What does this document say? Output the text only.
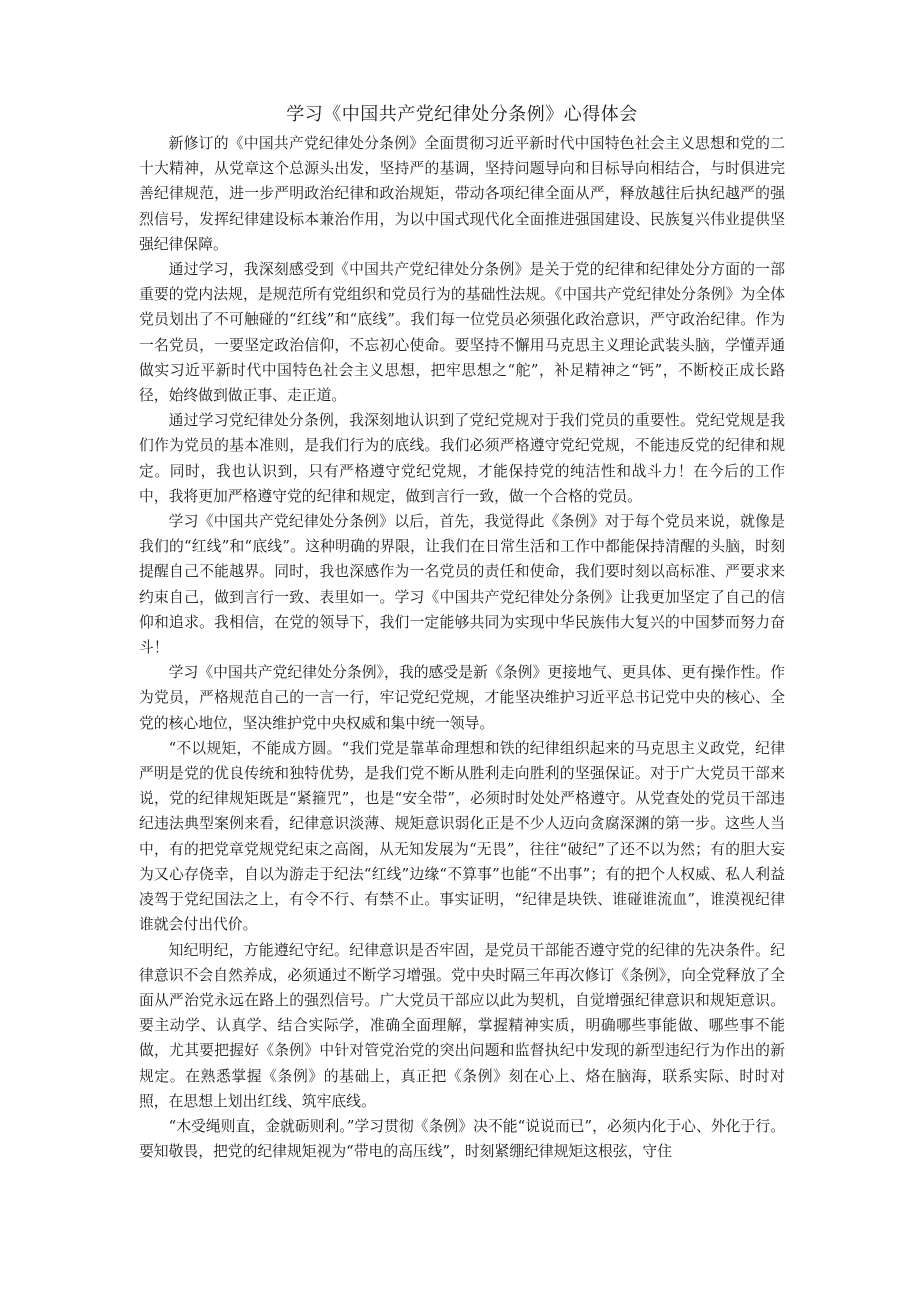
学习《中国共产党纪律处分条例》心得体会

新修订的《中国共产党纪律处分条例》全面贯彻习近平新时代中国特色社会主义思想和党的二十大精神，从党章这个总源头出发，坚持严的基调，坚持问题导向和目标导向相结合，与时俱进完善纪律规范，进一步严明政治纪律和政治规矩，带动各项纪律全面从严，释放越往后执纪越严的强烈信号，发挥纪律建设标本兼治作用，为以中国式现代化全面推进强国建设、民族复兴伟业提供坚强纪律保障。

通过学习，我深刻感受到《中国共产党纪律处分条例》是关于党的纪律和纪律处分方面的一部重要的党内法规，是规范所有党组织和党员行为的基础性法规。《中国共产党纪律处分条例》为全体党员划出了不可触碰的“红线”和“底线”。我们每一位党员必须强化政治意识，严守政治纪律。作为一名党员，一要坚定政治信仰，不忘初心使命。要坚持不懈用马克思主义理论武装头脑，学懂弄通做实习近平新时代中国特色社会主义思想，把牢思想之“舵”，补足精神之“钙”，不断校正成长路径，始终做到做正事、走正道。

通过学习党纪律处分条例，我深刻地认识到了党纪党规对于我们党员的重要性。党纪党规是我们作为党员的基本准则，是我们行为的底线。我们必须严格遵守党纪党规，不能违反党的纪律和规定。同时，我也认识到，只有严格遵守党纪党规，才能保持党的纯洁性和战斗力！在今后的工作中，我将更加严格遵守党的纪律和规定，做到言行一致，做一个合格的党员。

学习《中国共产党纪律处分条例》以后，首先，我觉得此《条例》对于每个党员来说，就像是我们的“红线”和“底线”。这种明确的界限，让我们在日常生活和工作中都能保持清醒的头脑，时刻提醒自己不能越界。同时，我也深感作为一名党员的责任和使命，我们要时刻以高标准、严要求来约束自己，做到言行一致、表里如一。学习《中国共产党纪律处分条例》让我更加坚定了自己的信仰和追求。我相信，在党的领导下，我们一定能够共同为实现中华民族伟大复兴的中国梦而努力奋斗！

学习《中国共产党纪律处分条例》，我的感受是新《条例》更接地气、更具体、更有操作性。作为党员，严格规范自己的一言一行，牢记党纪党规，才能坚决维护习近平总书记党中央的核心、全党的核心地位，坚决维护党中央权威和集中统一领导。

“不以规矩，不能成方圆。“我们党是靠革命理想和铁的纪律组织起来的马克思主义政党，纪律严明是党的优良传统和独特优势，是我们党不断从胜利走向胜利的坚强保证。对于广大党员干部来说，党的纪律规矩既是“紧箍咒”，也是“安全带”，必须时时处处严格遵守。从党查处的党员干部违纪违法典型案例来看，纪律意识淡薄、规矩意识弱化正是不少人迈向贪腐深渊的第一步。这些人当中，有的把党章党规党纪束之高阁，从无知发展为“无畏”，往往“破纪”了还不以为然；有的胆大妄为又心存侥幸，自以为游走于纪法“红线”边缘“不算事”也能“不出事”；有的把个人权威、私人利益凌驾于党纪国法之上，有令不行、有禁不止。事实证明，“纪律是块铁、谁碰谁流血”，谁漠视纪律谁就会付出代价。

知纪明纪，方能遵纪守纪。纪律意识是否牢固，是党员干部能否遵守党的纪律的先决条件。纪律意识不会自然养成，必须通过不断学习增强。党中央时隔三年再次修订《条例》，向全党释放了全面从严治党永远在路上的强烈信号。广大党员干部应以此为契机，自觉增强纪律意识和规矩意识。要主动学、认真学、结合实际学，准确全面理解，掌握精神实质，明确哪些事能做、哪些事不能做，尤其要把握好《条例》中针对管党治党的突出问题和监督执纪中发现的新型违纪行为作出的新规定。在熟悉掌握《条例》的基础上，真正把《条例》刻在心上、烙在脑海，联系实际、时时对照，在思想上划出红线、筑牢底线。

“木受绳则直，金就砺则利。”学习贯彻《条例》决不能“说说而已”，必须内化于心、外化于行。要知敬畏，把党的纪律规矩视为“带电的高压线”，时刻紧绷纪律规矩这根弦，守住
